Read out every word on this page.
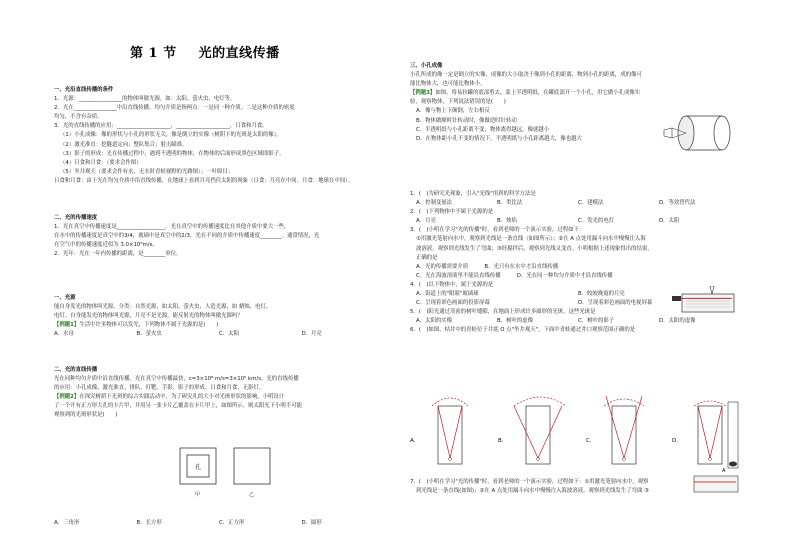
第 1 节 光的直线传播
一、光沿直线传播的条件
1．光源：________________的物体叫做光源。如：太阳、萤火虫、电灯等。
2．光在________________中沿直线传播。均匀介质是指两点：一是同一种介质。二是这种介质的密度
均匀，不含有杂质。
3．光的直线传播的应用：____________________，____________________，日食和月食。
（1）小孔成像：像的形状与小孔的形状无关，像是倒立的实像（树阴下的光斑是太阳的像）。
（2）激光准直：挖隧道定向；整队集合；射击瞄准。
（3）影子的形成：光在传播过程中，遇到不透明的物体，在物体的后面形成黑色区域即影子。
（4）日食和月食：（要求会作图）
（5）坐井观天（要求会作有水、无水时青蛙视野的光路图）；一叶障目；
日食和月食：由于光在均匀介质中沿直线传播，在地球上看到月亮挡住太阳的现象（日食：月亮在中间。月食：地球在中间）。
二、光的传播速度
1．光在真空中传播速度是__________________。光在真空中的传播速度比在其他介质中要大一些，
在水中的传播速度是真空中的3/4，玻璃中是真空中的2/3，光在不同的介质中传播速度________。通常情况，光
在空气中的传播速度近似为 3.0×10⁸m/s。
2．光年：光在一年内传播的距离，是________单位。
一、光源
能自身发光的物体叫光源。分类：自然光源，如太阳、萤火虫、人造光源，如 蜡烛、电灯、
电灯。自身能发光的物体叫光源，月亮不是光源。能反射光的物体叫做光源吗？
【例题1】生活中许多物体可以发光，下列物体不属于光源的是(　　)
A．水母	B．萤火虫	C．太阳	D．月亮
二、光的直线传播
光在同种均匀介质中沿直线传播。光在真空中传播最快，c=3×10⁸ m/s=3×10⁵ km/s。光的直线传播
的应用：小孔成像、激光准直、排队、打靶、手影、影子的形成、日食和月食、无影灯。
【例题2】在探究树荫下光斑的综合实践活动中，为了研究孔的大小对光斑形状的影响，小明设计
了一个开有正方形大孔的卡片甲，并用另一张卡片乙覆盖在卡片甲上，如图所示。则太阳光下小明不可能
观察到的光斑形状是(　　)
孔
甲	乙
A．三角形	B．长方形	C．正方形	D．圆形
三、小孔成像
小孔所成的像一定是倒立的实像，成像的大小取决于像到小孔的距离、物到小孔的距离，成的像可
能比物体大，也可能比物体小。
【例题3】如图，将易拉罐的底部剪去，蒙上半透明纸，在罐底部开一个小孔，用它做小孔成像实
验，观察物体，下列说法错误的是(　　)
A．像与物上下颠倒，左右相反
B．物体做顺时针转动时，像做逆时针转动
C．半透明纸与小孔距离不变，物体离得越远，像就越小
D．在物体距小孔不变的情况下，半透明纸与小孔距离越大，像也越大
1．(　)为研究光现象，引入"光线"用到的科学方法是
A．控制变量法	B．类比法	C．建模法	D．等效替代法
2．(　)下列物体中不属于光源的是
A．月亮	B．烛焰	C．发光的电灯	D．太阳
3．(　)小明在学习"光的传播"时，看到老师的一个演示实验，过程如下：
①用激光笔射向水中，观察到光线是一条直线（如图所示）；②在 A 点处用漏斗向水中慢慢注入海
波溶液，观察到光线发生了弯曲；③经搅拌后，观察到光线又变直。小明根据上述现象得出的结果，
正确的是
A．光的传播需要介质　　　B．光只有在水中才沿直线传播
C．光在海波溶液里不能沿直线传播　　　D．光在同一种均匀介质中才沿直线传播
4．(　)以下物体中，属于光源的是
A．街道上的"眼睛"玻璃球	B．皎皎晚霞的月亮
C．呈现着彩色画面的投影屏幕	D．呈现着彩色画面的电视屏幕
5．(　)阳光通过茂密的树叶缝隙，在地面上形成许多圆形的光斑，这些光斑是
A．太阳的实像	B．树叶的虚像	C．树叶的影子	D．太阳的虚像
6．(　)如图，枯井中的青蛙位于井底 O 点"坐井观天"，下面中青蛙通过井口观察范围正确的是
A.	B.	C.	D.
7．(　)小明在学习"光的传播"时，看到老师的一个演示实验，过程如下：①用激光笔射向水中，观察
到光线是一条直线(如图)；②在 A 点处用漏斗向水中慢慢注入海波溶液，观察到光线发生了弯曲 ③
A
